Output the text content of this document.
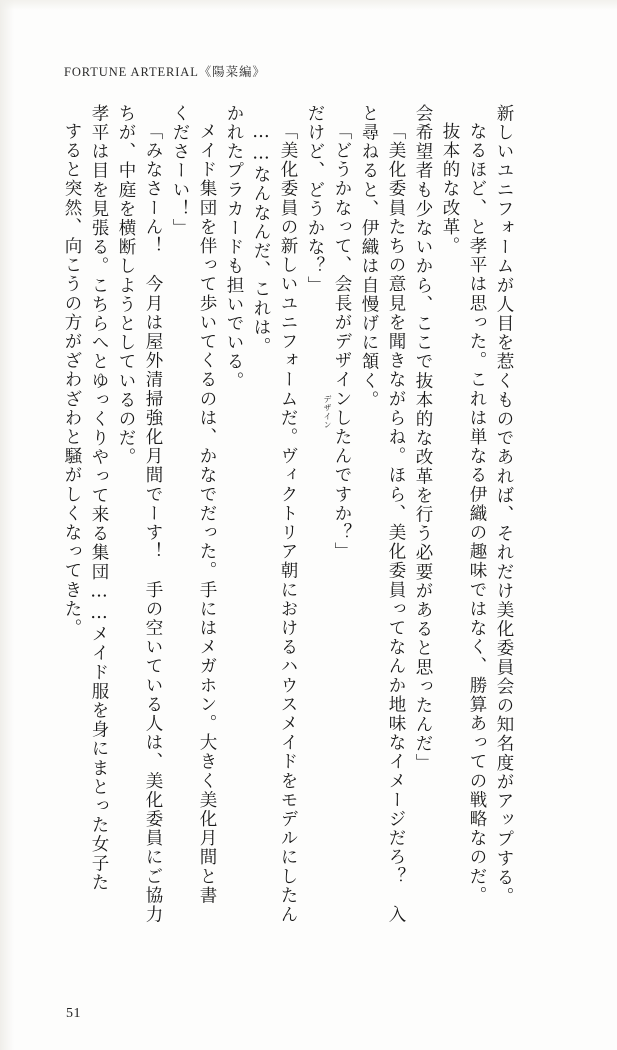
FORTUNE ARTERIAL《陽菜編》
すると突然、向こうの方がざわざわと騒がしくなってきた。 孝平は目を見張る。こちらへとゆっくりやって来る集団……メイド服を身にまとった女子た ちが、中庭を横断しようとしているのだ。 「みなさーん！　今月は屋外清掃強化月間でーす！　手の空いている人は、美化委員にご協力 くださーい！」 メイド集団を伴って歩いてくるのは、かなでだった。手にはメガホン。大きく美化月間と書 かれたプラカードも担いでいる。 ……なんなんだ、これは。 「美化委員の新しいユニフォームだ。ヴィクトリア朝におけるハウスメイドをモデルにしたん だけど、どうかな？」 「どうかなって、会長がデザインしたんですか？」 と尋ねると、伊織は自慢げに頷く。 「美化委員たちの意見を聞きながらね。ほら、美化委員ってなんか地味なイメージだろ？　入 会希望者も少ないから、ここで抜本的な改革を行う必要があると思ったんだ」 抜本的な改革。 なるほど、と孝平は思った。これは単なる伊織の趣味ではなく、勝算あっての戦略なのだ。 新しいユニフォームが人目を惹くものであれば、それだけ美化委員会の知名度がアップする。
デザイン
51
